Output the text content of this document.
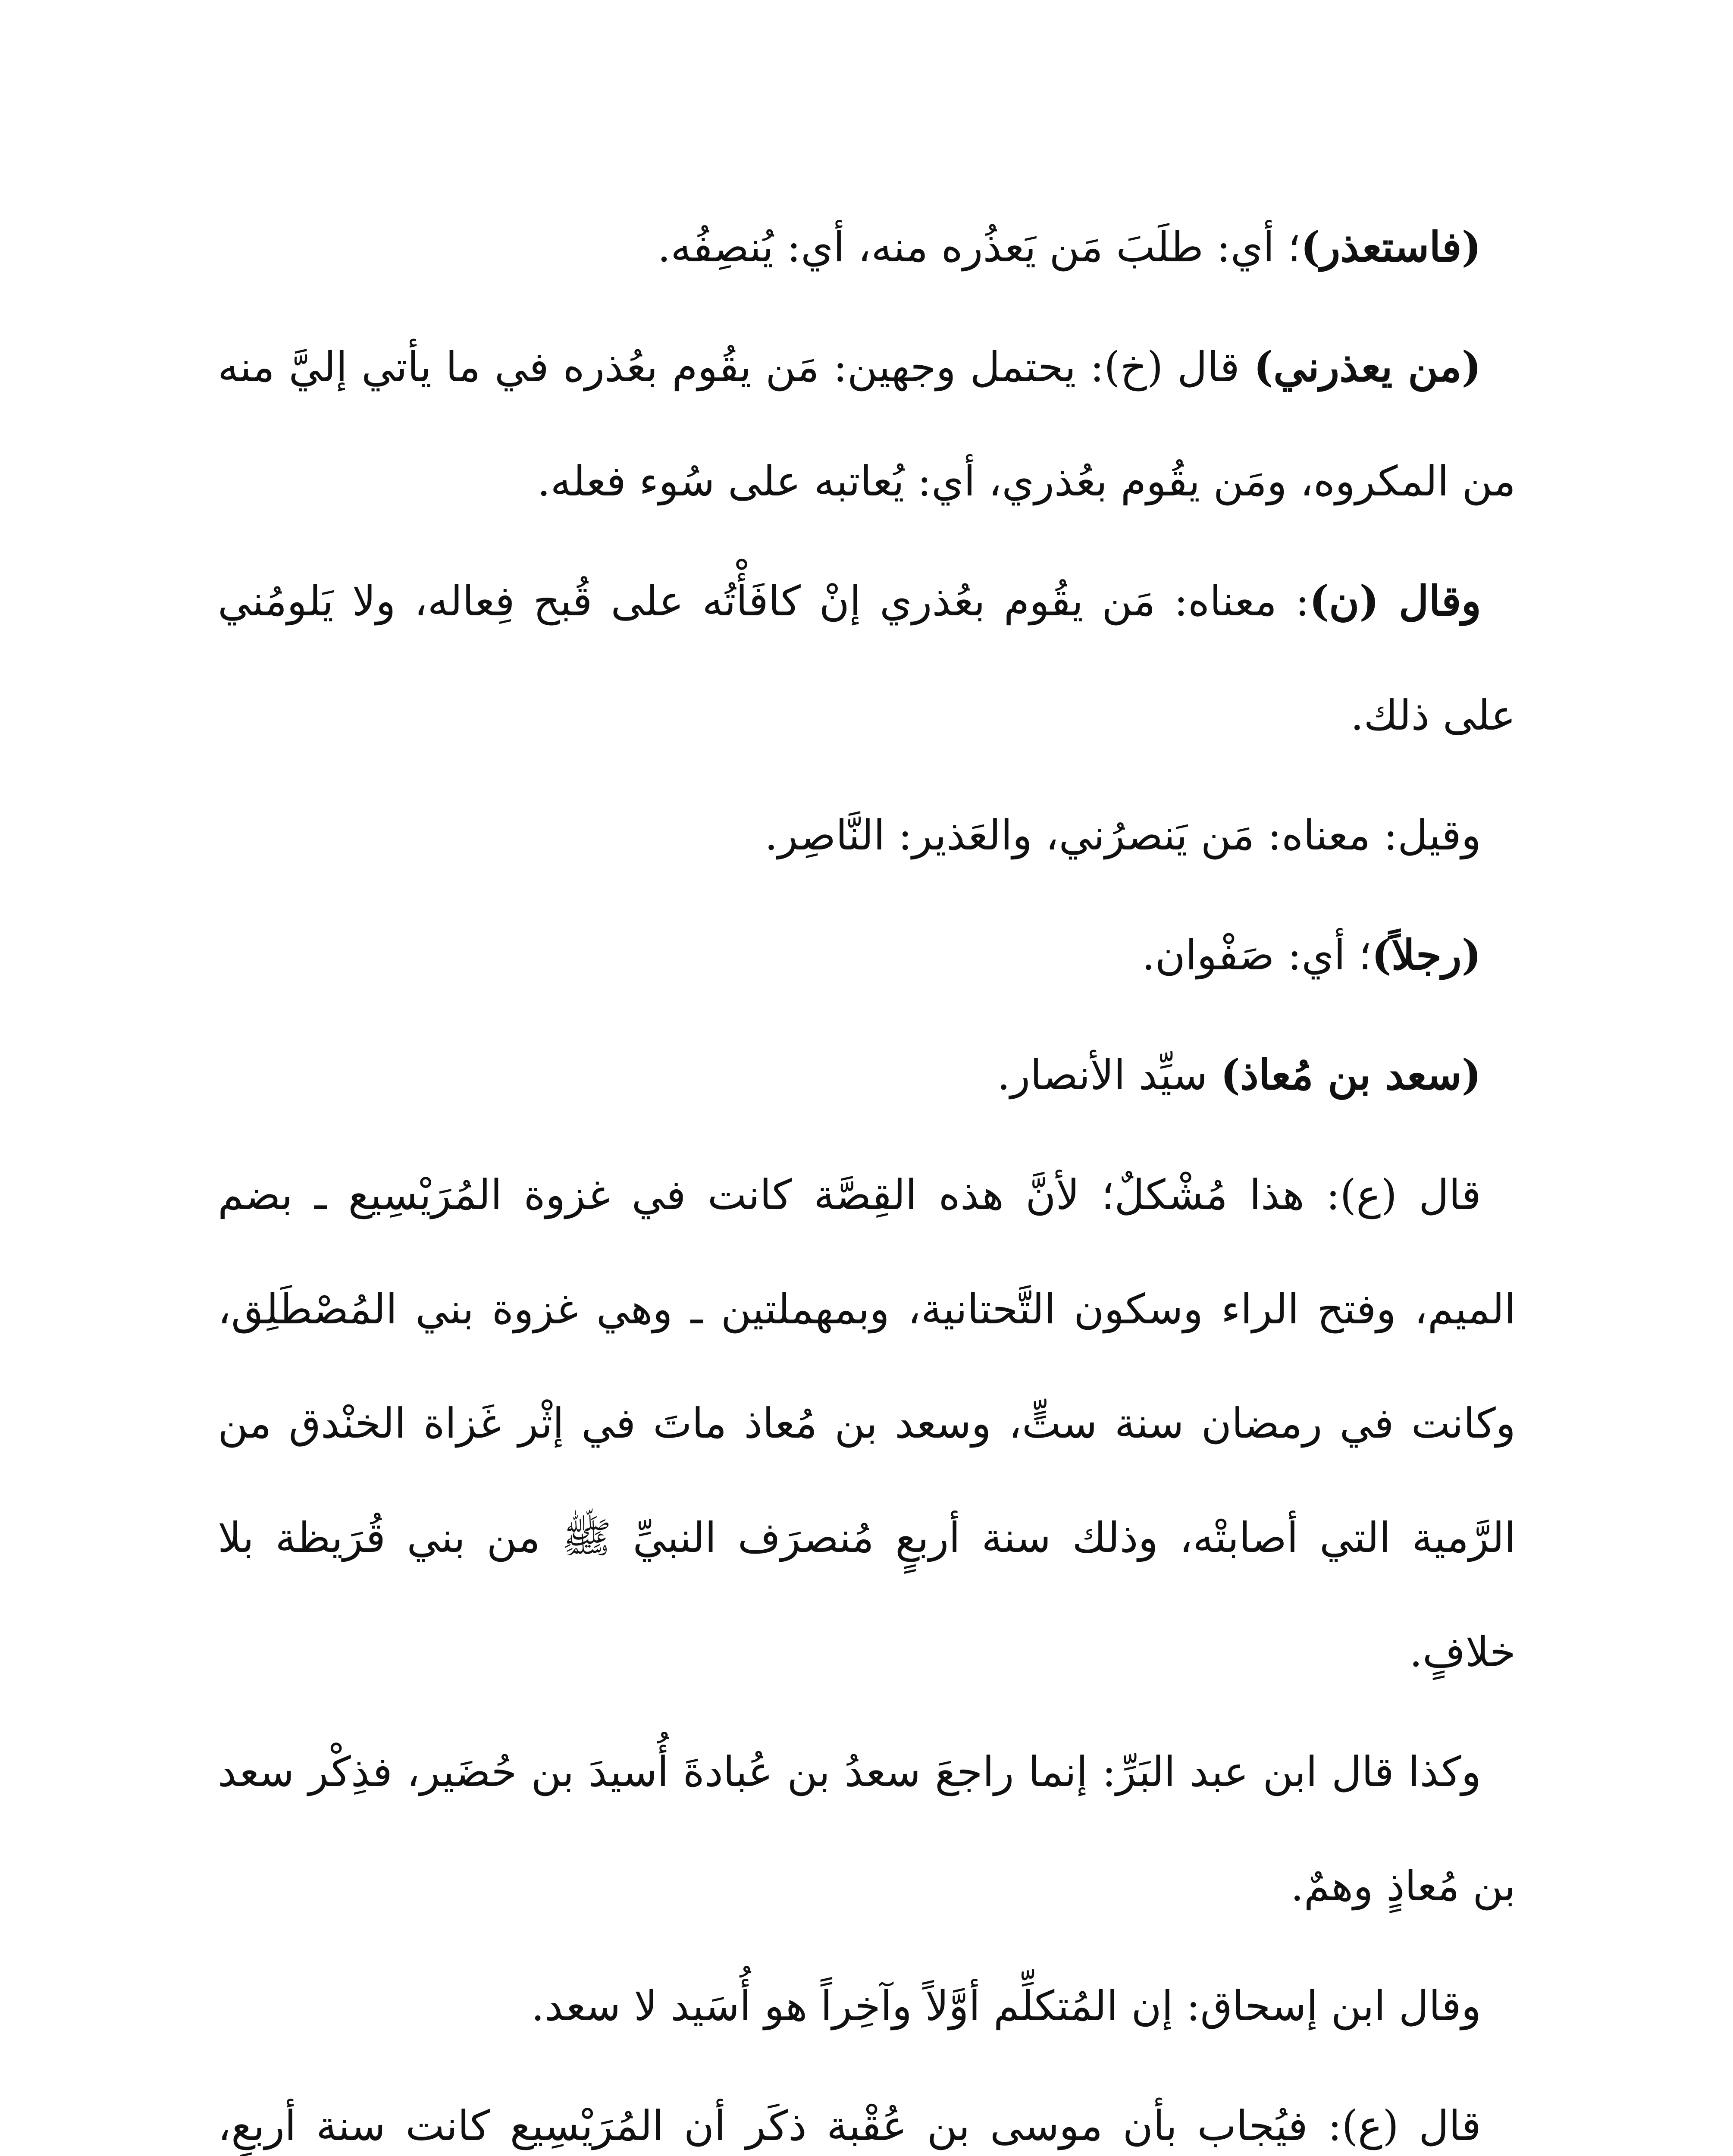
(فاستعذر)؛ أي: طلَبَ مَن يَعذُره منه، أي: يُنصِفُه.

(من يعذرني) قال (خ): يحتمل وجهين: مَن يقُوم بعُذره في ما يأتي إليَّ منه من المكروه، ومَن يقُوم بعُذري، أي: يُعاتبه على سُوء فعله.

وقال (ن): معناه: مَن يقُوم بعُذري إنْ كافَأْتُه على قُبح فِعاله، ولا يَلومُني على ذلك.

وقيل: معناه: مَن يَنصرُني، والعَذير: النَّاصِر.

(رجلاً)؛ أي: صَفْوان.

(سعد بن مُعاذ) سيِّد الأنصار.

قال (ع): هذا مُشْكلٌ؛ لأنَّ هذه القِصَّة كانت في غزوة المُرَيْسِيع ـ بضم الميم، وفتح الراء وسكون التَّحتانية، وبمهملتين ـ وهي غزوة بني المُصْطَلِق، وكانت في رمضان سنة ستٍّ، وسعد بن مُعاذ ماتَ في إثْر غَزاة الخنْدق من الرَّمية التي أصابتْه، وذلك سنة أربعٍ مُنصرَف النبيِّ ﷺ من بني قُرَيظة بلا خلافٍ.

وكذا قال ابن عبد البَرِّ: إنما راجعَ سعدُ بن عُبادةَ أُسيدَ بن حُضَير، فذِكْر سعد بن مُعاذٍ وهمٌ.

وقال ابن إسحاق: إن المُتكلِّم أوَّلاً وآخِراً هو أُسَيد لا سعد.

قال (ع): فيُجاب بأن موسى بن عُقْبة ذكَر أن المُرَيْسِيع كانت سنة أربعٍ،
